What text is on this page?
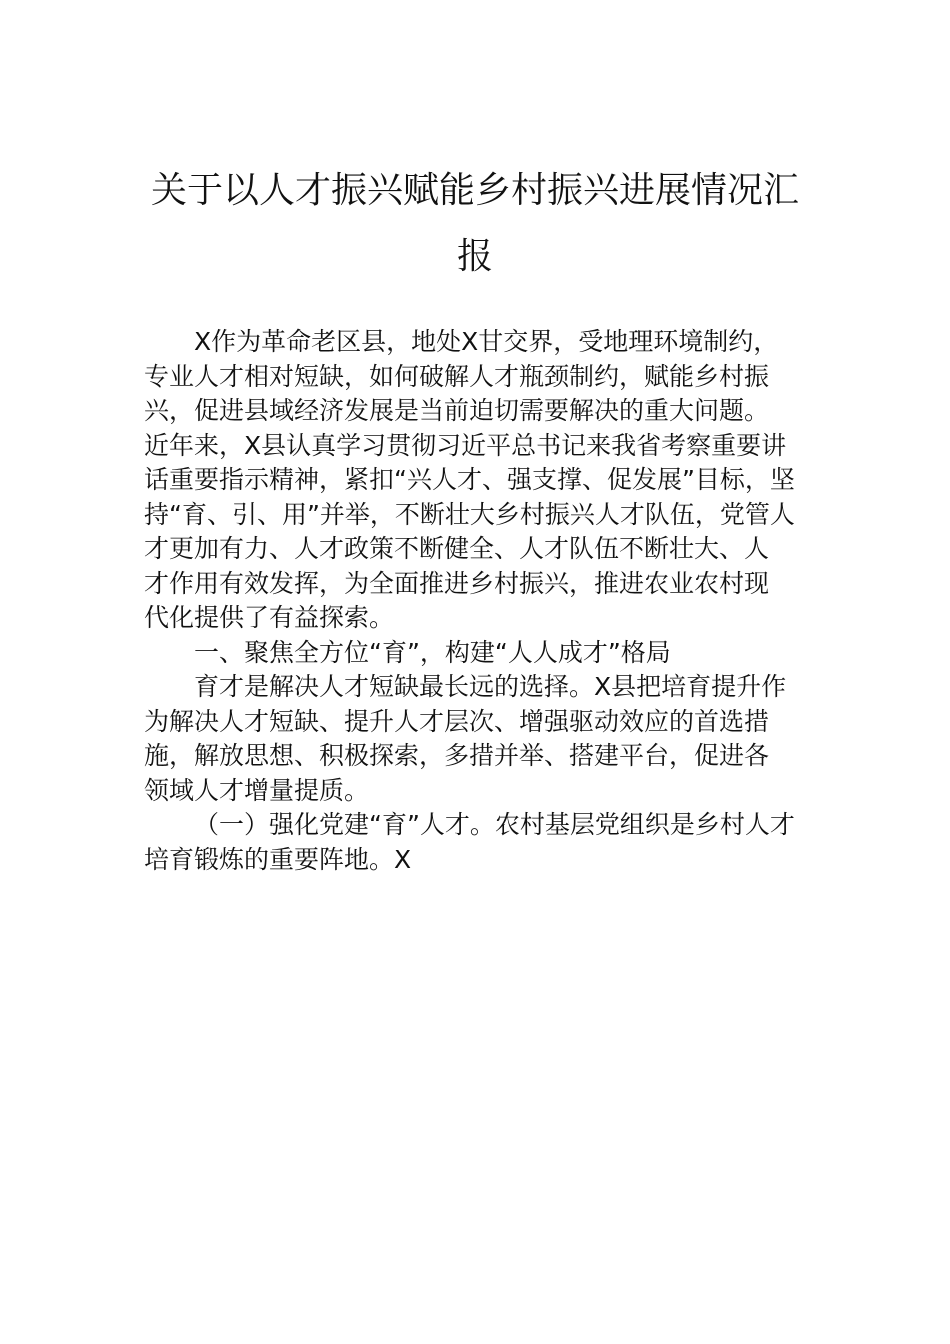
关于以人才振兴赋能乡村振兴进展情况汇
报
X作为革命老区县，地处X甘交界，受地理环境制约，
专业人才相对短缺，如何破解人才瓶颈制约，赋能乡村振
兴，促进县域经济发展是当前迫切需要解决的重大问题。
近年来，X县认真学习贯彻习近平总书记来我省考察重要讲
话重要指示精神，紧扣“兴人才、强支撑、促发展”目标，坚
持“育、引、用”并举，不断壮大乡村振兴人才队伍，党管人
才更加有力、人才政策不断健全、人才队伍不断壮大、人
才作用有效发挥，为全面推进乡村振兴，推进农业农村现
代化提供了有益探索。
一、聚焦全方位“育”，构建“人人成才”格局
育才是解决人才短缺最长远的选择。X县把培育提升作
为解决人才短缺、提升人才层次、增强驱动效应的首选措
施，解放思想、积极探索，多措并举、搭建平台，促进各
领域人才增量提质。
（一）强化党建“育”人才。农村基层党组织是乡村人才
培育锻炼的重要阵地。X
